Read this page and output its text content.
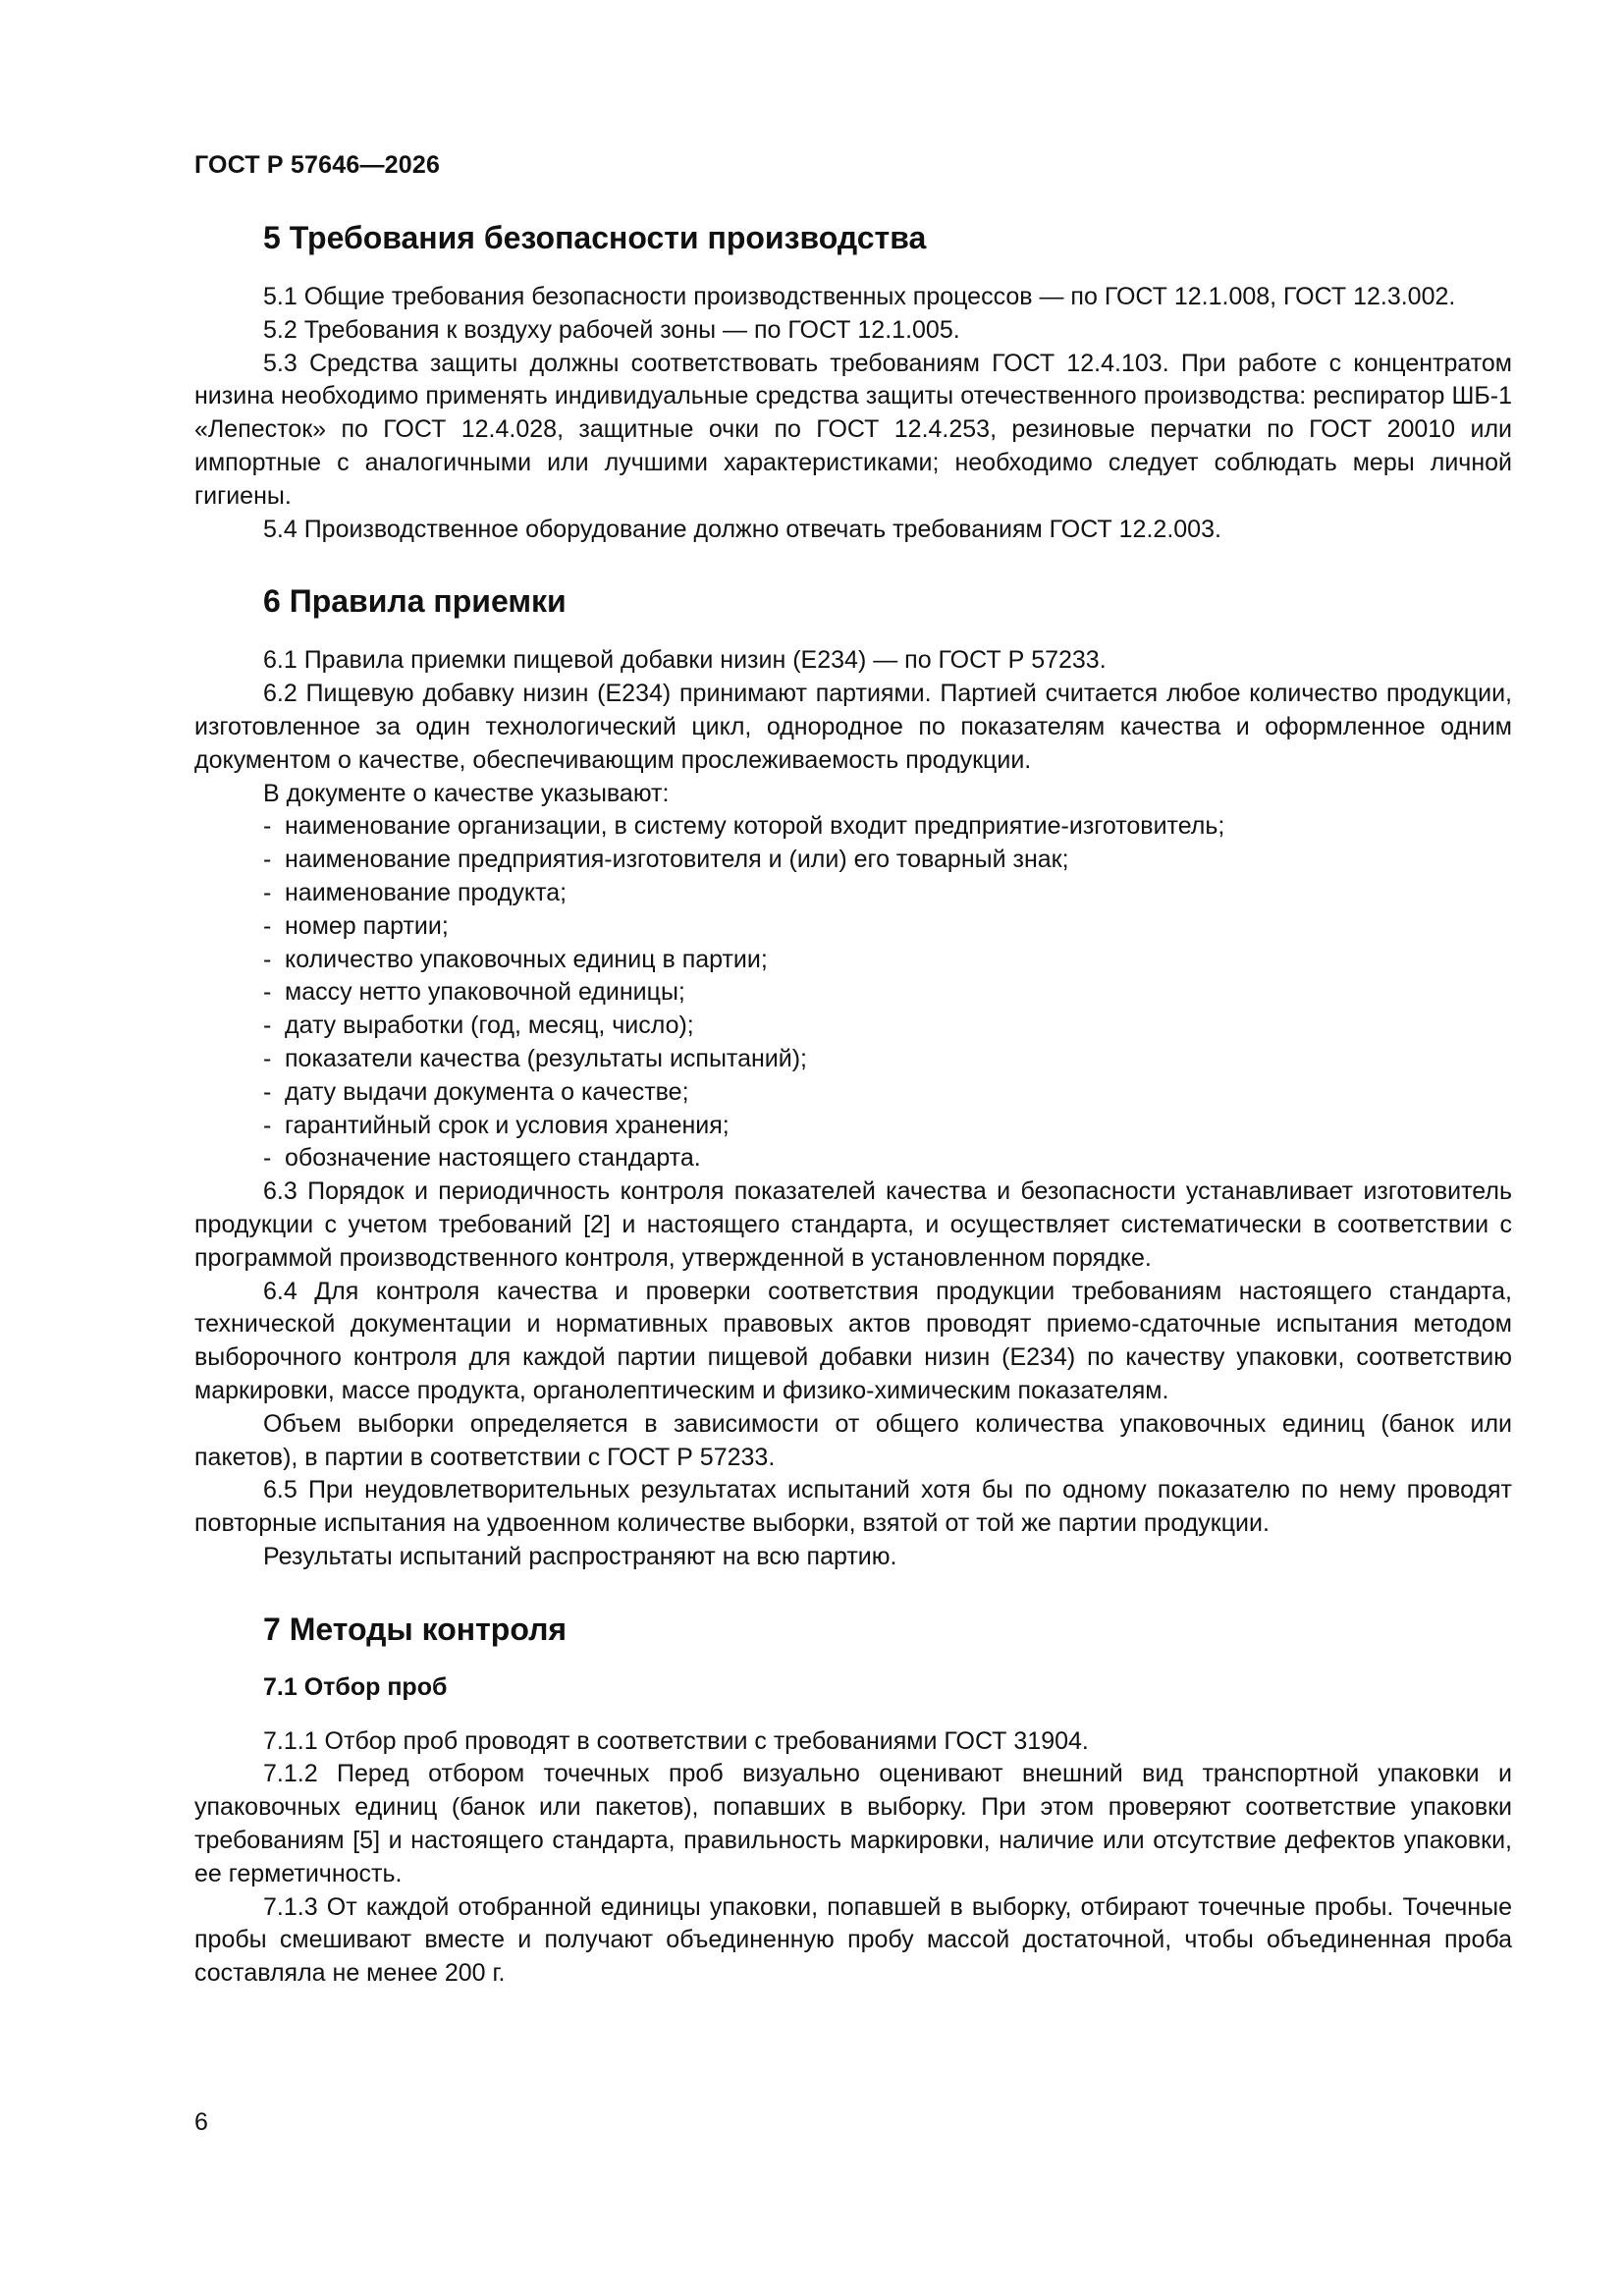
ГОСТ Р 57646—2026
5 Требования безопасности производства

5.1 Общие требования безопасности производственных процессов — по ГОСТ 12.1.008, ГОСТ 12.3.002.

5.2 Требования к воздуху рабочей зоны — по ГОСТ 12.1.005.

5.3 Средства защиты должны соответствовать требованиям ГОСТ 12.4.103. При работе с концентратом низина необходимо применять индивидуальные средства защиты отечественного производства: респиратор ШБ-1 «Лепесток» по ГОСТ 12.4.028, защитные очки по ГОСТ 12.4.253, резиновые перчатки по ГОСТ 20010 или импортные с аналогичными или лучшими характеристиками; необходимо следует соблюдать меры личной гигиены.

5.4 Производственное оборудование должно отвечать требованиям ГОСТ 12.2.003.

6 Правила приемки

6.1 Правила приемки пищевой добавки низин (Е234) — по ГОСТ Р 57233.

6.2 Пищевую добавку низин (Е234) принимают партиями. Партией считается любое количество продукции, изготовленное за один технологический цикл, однородное по показателям качества и оформленное одним документом о качестве, обеспечивающим прослеживаемость продукции.

В документе о качестве указывают:

- наименование организации, в систему которой входит предприятие-изготовитель;
- наименование предприятия-изготовителя и (или) его товарный знак;
- наименование продукта;
- номер партии;
- количество упаковочных единиц в партии;
- массу нетто упаковочной единицы;
- дату выработки (год, месяц, число);
- показатели качества (результаты испытаний);
- дату выдачи документа о качестве;
- гарантийный срок и условия хранения;
- обозначение настоящего стандарта.

6.3 Порядок и периодичность контроля показателей качества и безопасности устанавливает изготовитель продукции с учетом требований [2] и настоящего стандарта, и осуществляет систематически в соответствии с программой производственного контроля, утвержденной в установленном порядке.

6.4 Для контроля качества и проверки соответствия продукции требованиям настоящего стандарта, технической документации и нормативных правовых актов проводят приемо-сдаточные испытания методом выборочного контроля для каждой партии пищевой добавки низин (Е234) по качеству упаковки, соответствию маркировки, массе продукта, органолептическим и физико-химическим показателям.

Объем выборки определяется в зависимости от общего количества упаковочных единиц (банок или пакетов), в партии в соответствии с ГОСТ Р 57233.

6.5 При неудовлетворительных результатах испытаний хотя бы по одному показателю по нему проводят повторные испытания на удвоенном количестве выборки, взятой от той же партии продукции.

Результаты испытаний распространяют на всю партию.

7 Методы контроля
7.1 Отбор проб

7.1.1 Отбор проб проводят в соответствии с требованиями ГОСТ 31904.

7.1.2 Перед отбором точечных проб визуально оценивают внешний вид транспортной упаковки и упаковочных единиц (банок или пакетов), попавших в выборку. При этом проверяют соответствие упаковки требованиям [5] и настоящего стандарта, правильность маркировки, наличие или отсутствие дефектов упаковки, ее герметичность.

7.1.3 От каждой отобранной единицы упаковки, попавшей в выборку, отбирают точечные пробы. Точечные пробы смешивают вместе и получают объединенную пробу массой достаточной, чтобы объединенная проба составляла не менее 200 г.

6
